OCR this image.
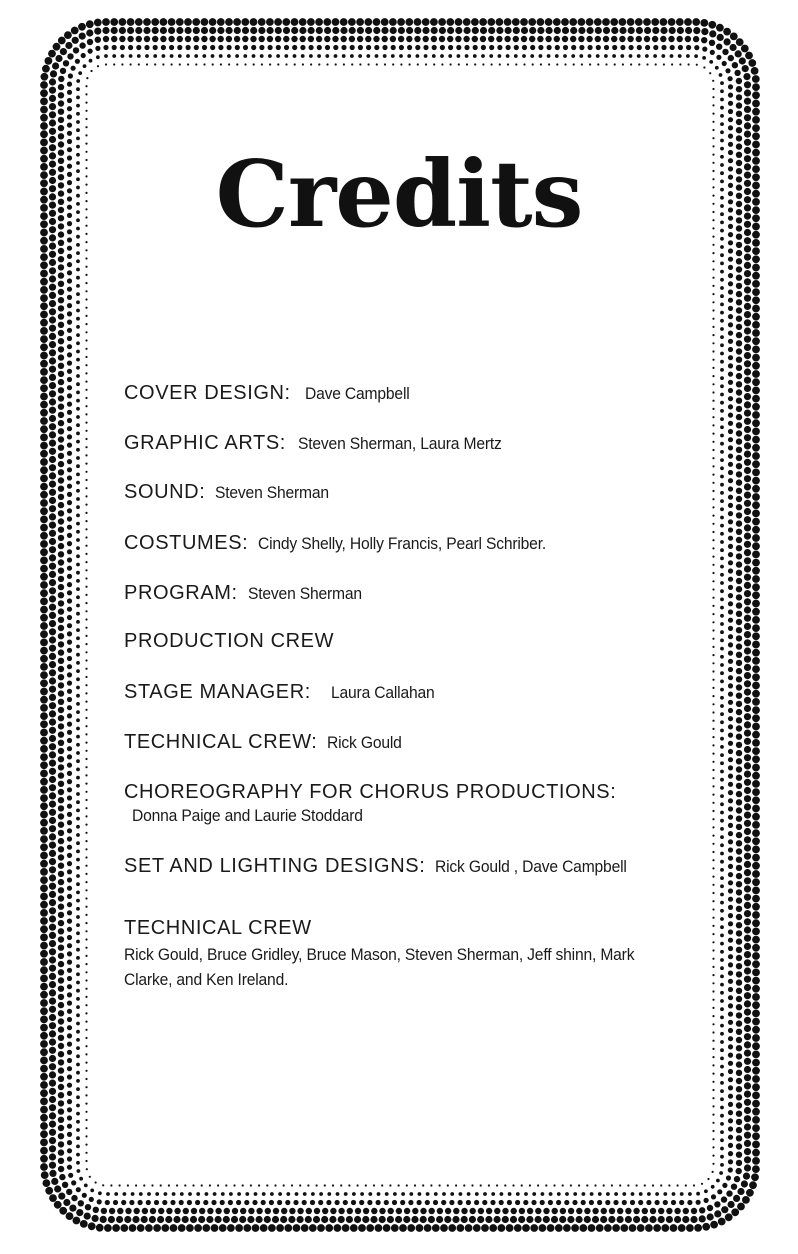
Credits
COVER DESIGN: Dave Campbell
GRAPHIC ARTS: Steven Sherman, Laura Mertz
SOUND: Steven Sherman
COSTUMES: Cindy Shelly, Holly Francis, Pearl Schriber.
PROGRAM: Steven Sherman
PRODUCTION CREW
STAGE MANAGER: Laura Callahan
TECHNICAL CREW: Rick Gould
CHOREOGRAPHY FOR CHORUS PRODUCTIONS:
Donna Paige and Laurie Stoddard
SET AND LIGHTING DESIGNS: Rick Gould , Dave Campbell
TECHNICAL CREW
Rick Gould, Bruce Gridley, Bruce Mason, Steven Sherman, Jeff shinn, Mark Clarke, and Ken Ireland.
